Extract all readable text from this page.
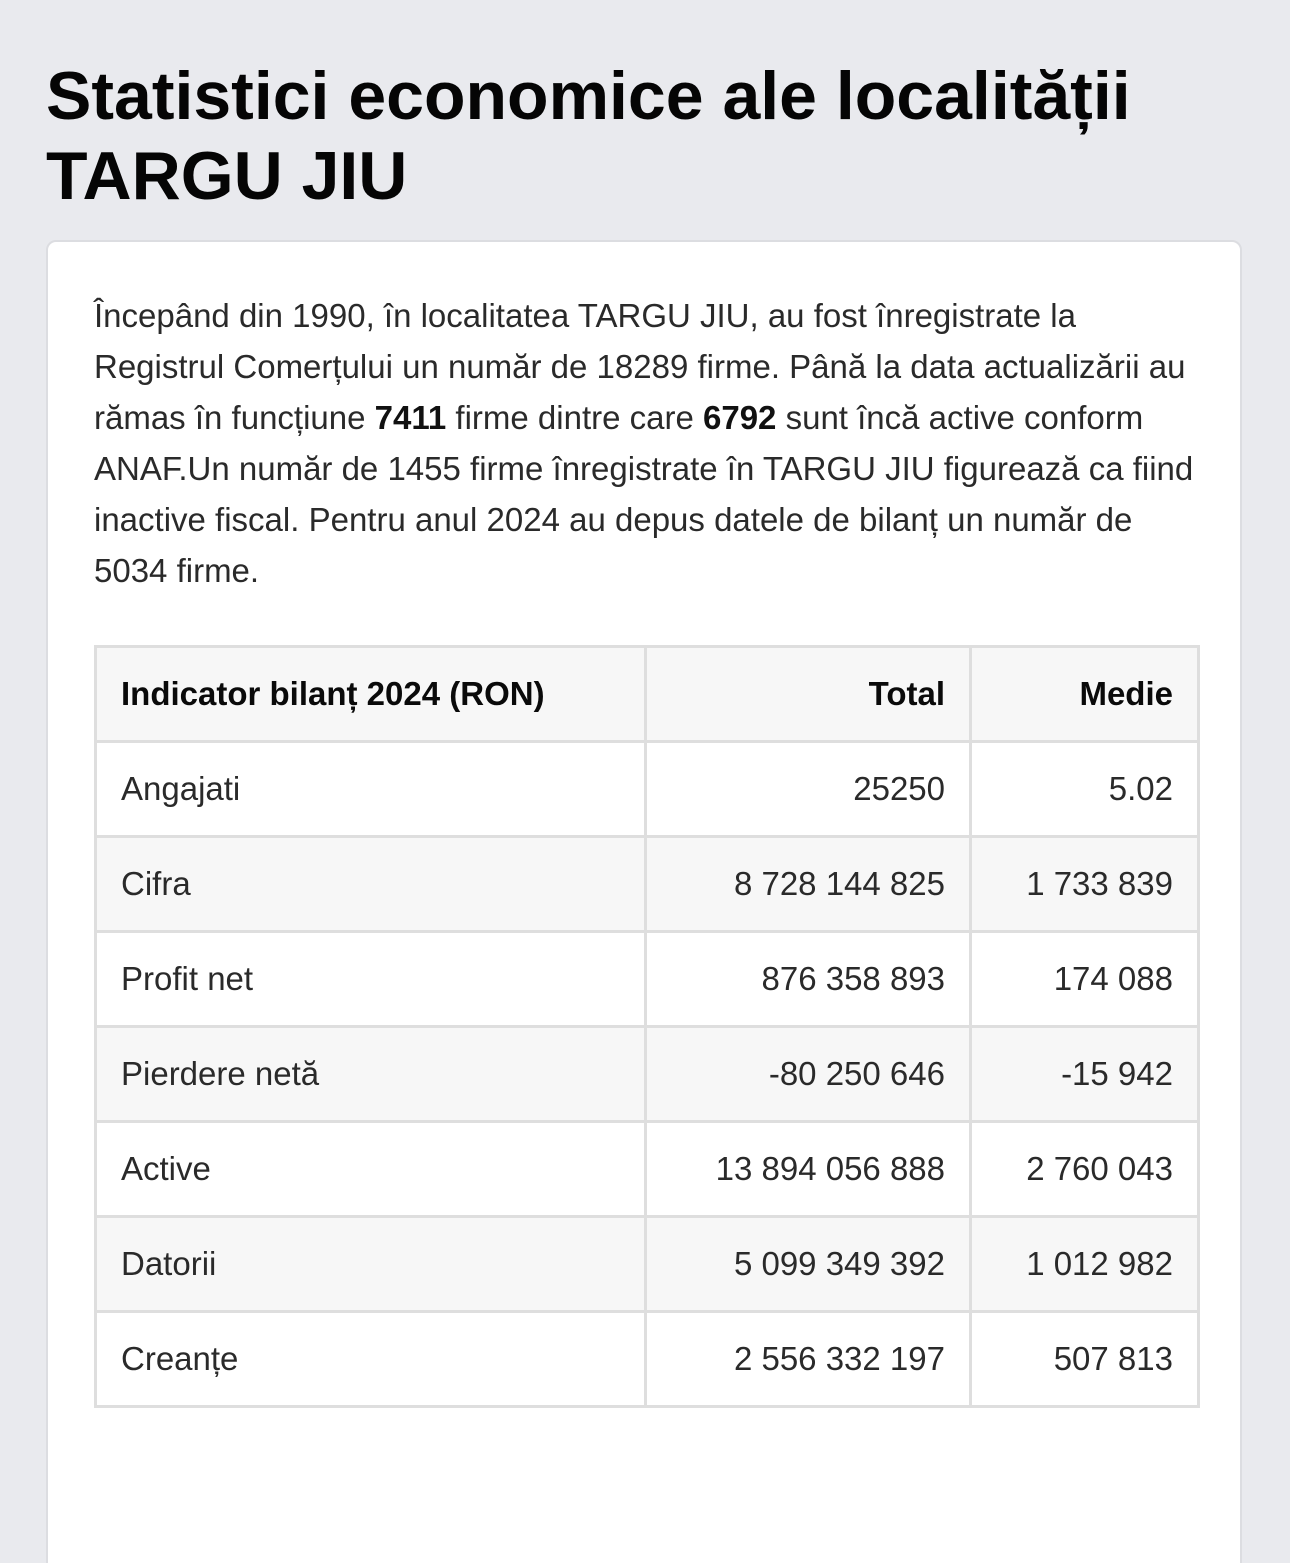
Statistici economice ale localității TARGU JIU

Începând din 1990, în localitatea TARGU JIU, au fost înregistrate la Registrul Comerțului un număr de 18289 firme. Până la data actualizării au rămas în funcțiune 7411 firme dintre care 6792 sunt încă active conform ANAF.Un număr de 1455 firme înregistrate în TARGU JIU figurează ca fiind inactive fiscal. Pentru anul 2024 au depus datele de bilanț un număr de 5034 firme.

Indicator bilanț 2024 (RON)	Total	Medie
Angajati	25250	5.02
Cifra	8 728 144 825	1 733 839
Profit net	876 358 893	174 088
Pierdere netă	-80 250 646	-15 942
Active	13 894 056 888	2 760 043
Datorii	5 099 349 392	1 012 982
Creanțe	2 556 332 197	507 813
